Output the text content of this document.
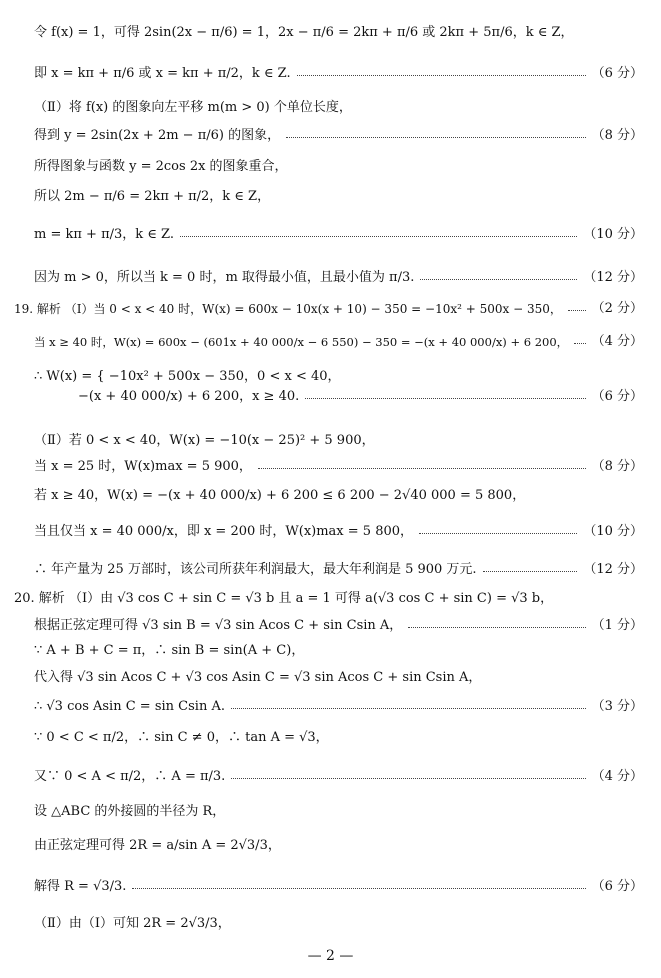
令 f(x) = 1，可得 2sin(2x − π/6) = 1，2x − π/6 = 2kπ + π/6 或 2kπ + 5π/6，k ∈ Z，
即 x = kπ + π/6 或 x = kπ + π/2，k ∈ Z.	（6 分）
（Ⅱ）将 f(x) 的图象向左平移 m(m > 0) 个单位长度，
得到 y = 2sin(2x + 2m − π/6) 的图象，	（8 分）
所得图象与函数 y = 2cos 2x 的图象重合，
所以 2m − π/6 = 2kπ + π/2，k ∈ Z，
m = kπ + π/3，k ∈ Z.	（10 分）
因为 m > 0，所以当 k = 0 时，m 取得最小值，且最小值为 π/3.	（12 分）
19. 解析 （Ⅰ）当 0 < x < 40 时，W(x) = 600x − 10x(x + 10) − 350 = −10x² + 500x − 350， （2 分）
当 x ≥ 40 时，W(x) = 600x − (601x + 40 000/x − 6 550) − 350 = −(x + 40 000/x) + 6 200， （4 分）
∴ W(x) = { −10x² + 500x − 350，0 < x < 40，
−(x + 40 000/x) + 6 200，x ≥ 40.	（6 分）
（Ⅱ）若 0 < x < 40，W(x) = −10(x − 25)² + 5 900，
当 x = 25 时，W(x)max = 5 900，	（8 分）
若 x ≥ 40，W(x) = −(x + 40 000/x) + 6 200 ≤ 6 200 − 2√40 000 = 5 800，
当且仅当 x = 40 000/x，即 x = 200 时，W(x)max = 5 800，	（10 分）
∴ 年产量为 25 万部时，该公司所获年利润最大，最大年利润是 5 900 万元.	（12 分）
20. 解析 （Ⅰ）由 √3 cos C + sin C = √3 b 且 a = 1 可得 a(√3 cos C + sin C) = √3 b，
根据正弦定理可得 √3 sin B = √3 sin Acos C + sin Csin A，	（1 分）
∵ A + B + C = π，∴ sin B = sin(A + C)，
代入得 √3 sin Acos C + √3 cos Asin C = √3 sin Acos C + sin Csin A，
∴ √3 cos Asin C = sin Csin A.	（3 分）
∵ 0 < C < π/2，∴ sin C ≠ 0，∴ tan A = √3，
又∵ 0 < A < π/2，∴ A = π/3.	（4 分）
设 △ABC 的外接圆的半径为 R，
由正弦定理可得 2R = a/sin A = 2√3/3，
解得 R = √3/3.	（6 分）
（Ⅱ）由（Ⅰ）可知 2R = 2√3/3，
— 2 —
